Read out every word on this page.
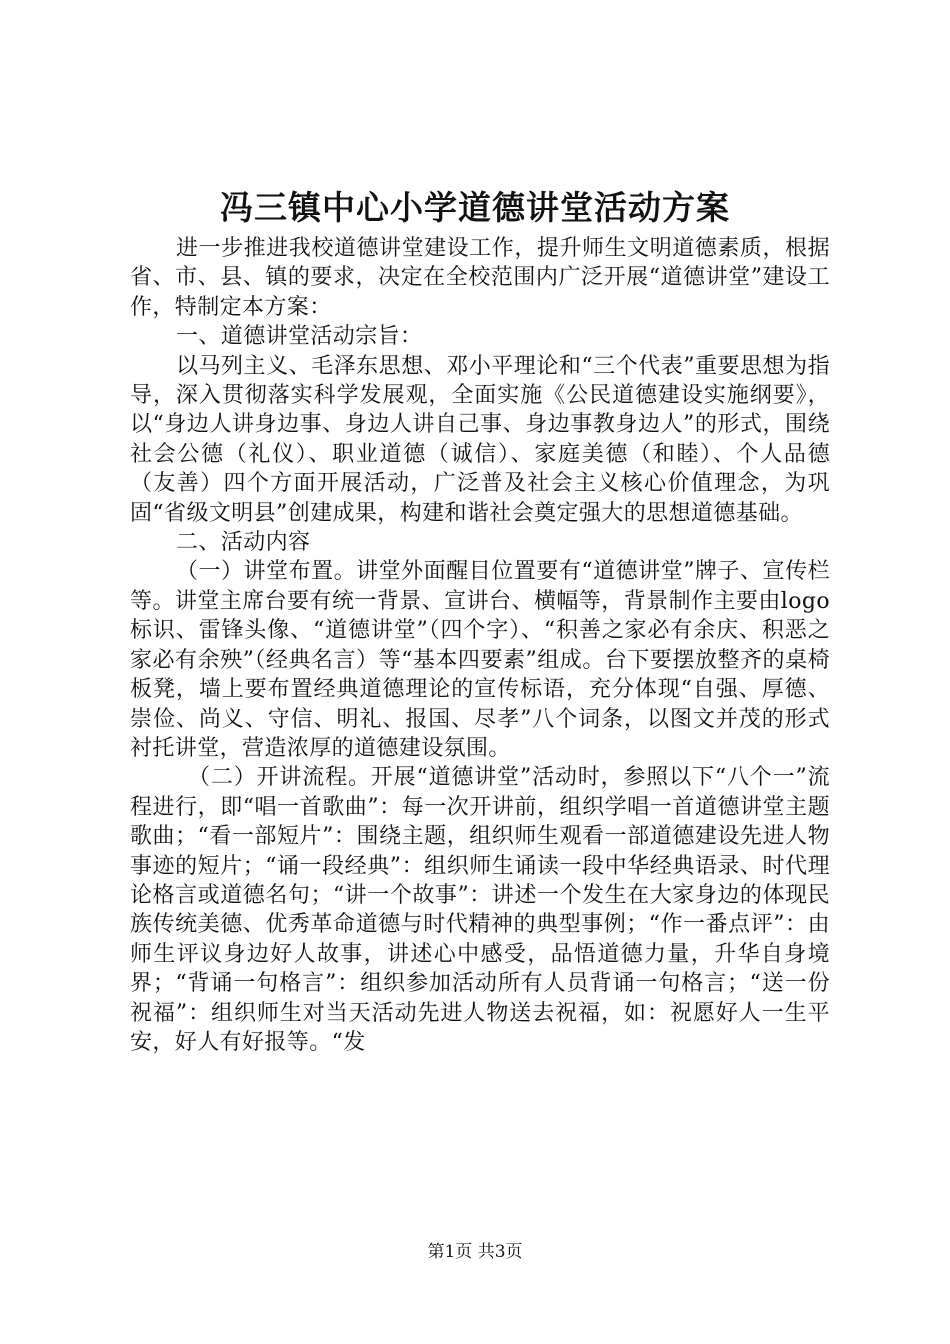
冯三镇中心小学道德讲堂活动方案

进一步推进我校道德讲堂建设工作，提升师生文明道德素质，根据省、市、县、镇的要求，决定在全校范围内广泛开展“道德讲堂”建设工作，特制定本方案：

一、道德讲堂活动宗旨：

以马列主义、毛泽东思想、邓小平理论和“三个代表”重要思想为指导，深入贯彻落实科学发展观，全面实施《公民道德建设实施纲要》，以“身边人讲身边事、身边人讲自己事、身边事教身边人”的形式，围绕社会公德（礼仪）、职业道德（诚信）、家庭美德（和睦）、个人品德（友善）四个方面开展活动，广泛普及社会主义核心价值理念，为巩固“省级文明县”创建成果，构建和谐社会奠定强大的思想道德基础。

二、活动内容

（一）讲堂布置。讲堂外面醒目位置要有“道德讲堂”牌子、宣传栏等。讲堂主席台要有统一背景、宣讲台、横幅等，背景制作主要由logo标识、雷锋头像、“道德讲堂”（四个字）、“积善之家必有余庆、积恶之家必有余殃”（经典名言）等“基本四要素”组成。台下要摆放整齐的桌椅板凳，墙上要布置经典道德理论的宣传标语，充分体现“自强、厚德、崇俭、尚义、守信、明礼、报国、尽孝”八个词条，以图文并茂的形式衬托讲堂，营造浓厚的道德建设氛围。

（二）开讲流程。开展“道德讲堂”活动时，参照以下“八个一”流程进行，即“唱一首歌曲”：每一次开讲前，组织学唱一首道德讲堂主题歌曲；“看一部短片”：围绕主题，组织师生观看一部道德建设先进人物事迹的短片；“诵一段经典”：组织师生诵读一段中华经典语录、时代理论格言或道德名句；“讲一个故事”：讲述一个发生在大家身边的体现民族传统美德、优秀革命道德与时代精神的典型事例；“作一番点评”：由师生评议身边好人故事，讲述心中感受，品悟道德力量，升华自身境界；“背诵一句格言”：组织参加活动所有人员背诵一句格言；“送一份祝福”：组织师生对当天活动先进人物送去祝福，如：祝愿好人一生平安，好人有好报等。“发

第1页 共3页
